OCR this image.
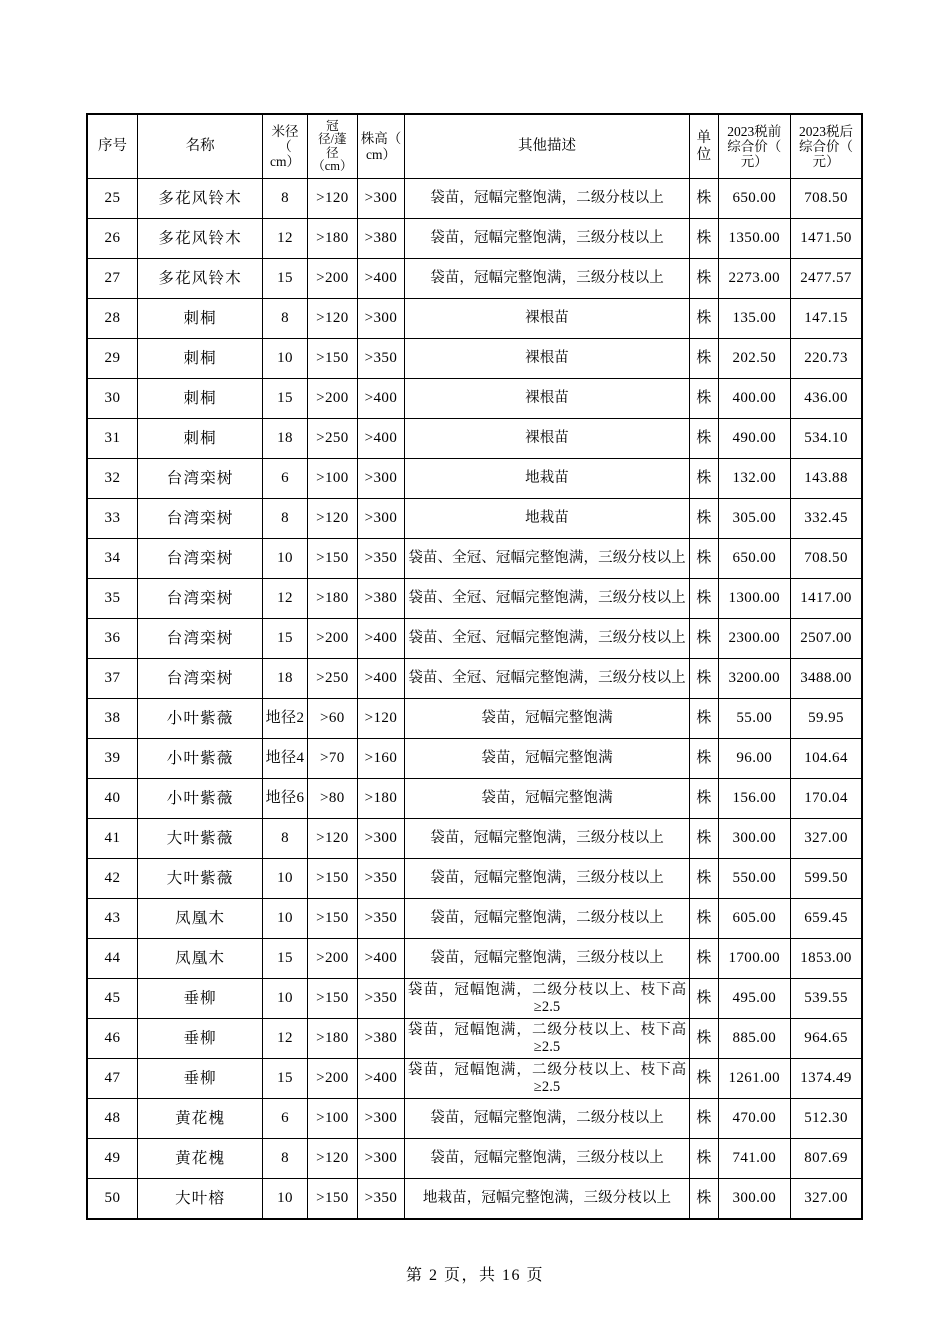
序号	名称	米径（
cm）	冠
径/蓬
径
（cm）	株高（
cm）	其他描述	单位	2023税前
综合价（
元）	2023税后
综合价（
元）
25	多花风铃木	8	>120	>300	袋苗，冠幅完整饱满，二级分枝以上	株	650.00	708.50
26	多花风铃木	12	>180	>380	袋苗，冠幅完整饱满，三级分枝以上	株	1350.00	1471.50
27	多花风铃木	15	>200	>400	袋苗，冠幅完整饱满，三级分枝以上	株	2273.00	2477.57
28	刺桐	8	>120	>300	裸根苗	株	135.00	147.15
29	刺桐	10	>150	>350	裸根苗	株	202.50	220.73
30	刺桐	15	>200	>400	裸根苗	株	400.00	436.00
31	刺桐	18	>250	>400	裸根苗	株	490.00	534.10
32	台湾栾树	6	>100	>300	地栽苗	株	132.00	143.88
33	台湾栾树	8	>120	>300	地栽苗	株	305.00	332.45
34	台湾栾树	10	>150	>350	袋苗、全冠、冠幅完整饱满，三级分枝以上	株	650.00	708.50
35	台湾栾树	12	>180	>380	袋苗、全冠、冠幅完整饱满，三级分枝以上	株	1300.00	1417.00
36	台湾栾树	15	>200	>400	袋苗、全冠、冠幅完整饱满，三级分枝以上	株	2300.00	2507.00
37	台湾栾树	18	>250	>400	袋苗、全冠、冠幅完整饱满，三级分枝以上	株	3200.00	3488.00
38	小叶紫薇	地径2	>60	>120	袋苗，冠幅完整饱满	株	55.00	59.95
39	小叶紫薇	地径4	>70	>160	袋苗，冠幅完整饱满	株	96.00	104.64
40	小叶紫薇	地径6	>80	>180	袋苗，冠幅完整饱满	株	156.00	170.04
41	大叶紫薇	8	>120	>300	袋苗，冠幅完整饱满，三级分枝以上	株	300.00	327.00
42	大叶紫薇	10	>150	>350	袋苗，冠幅完整饱满，三级分枝以上	株	550.00	599.50
43	凤凰木	10	>150	>350	袋苗，冠幅完整饱满，二级分枝以上	株	605.00	659.45
44	凤凰木	15	>200	>400	袋苗，冠幅完整饱满，三级分枝以上	株	1700.00	1853.00
45	垂柳	10	>150	>350	袋苗，冠幅饱满，二级分枝以上、枝下高≥2.5	株	495.00	539.55
46	垂柳	12	>180	>380	袋苗，冠幅饱满，二级分枝以上、枝下高≥2.5	株	885.00	964.65
47	垂柳	15	>200	>400	袋苗，冠幅饱满，二级分枝以上、枝下高≥2.5	株	1261.00	1374.49
48	黄花槐	6	>100	>300	袋苗，冠幅完整饱满，二级分枝以上	株	470.00	512.30
49	黄花槐	8	>120	>300	袋苗，冠幅完整饱满，三级分枝以上	株	741.00	807.69
50	大叶榕	10	>150	>350	地栽苗，冠幅完整饱满，三级分枝以上	株	300.00	327.00
第 2 页，共 16 页
